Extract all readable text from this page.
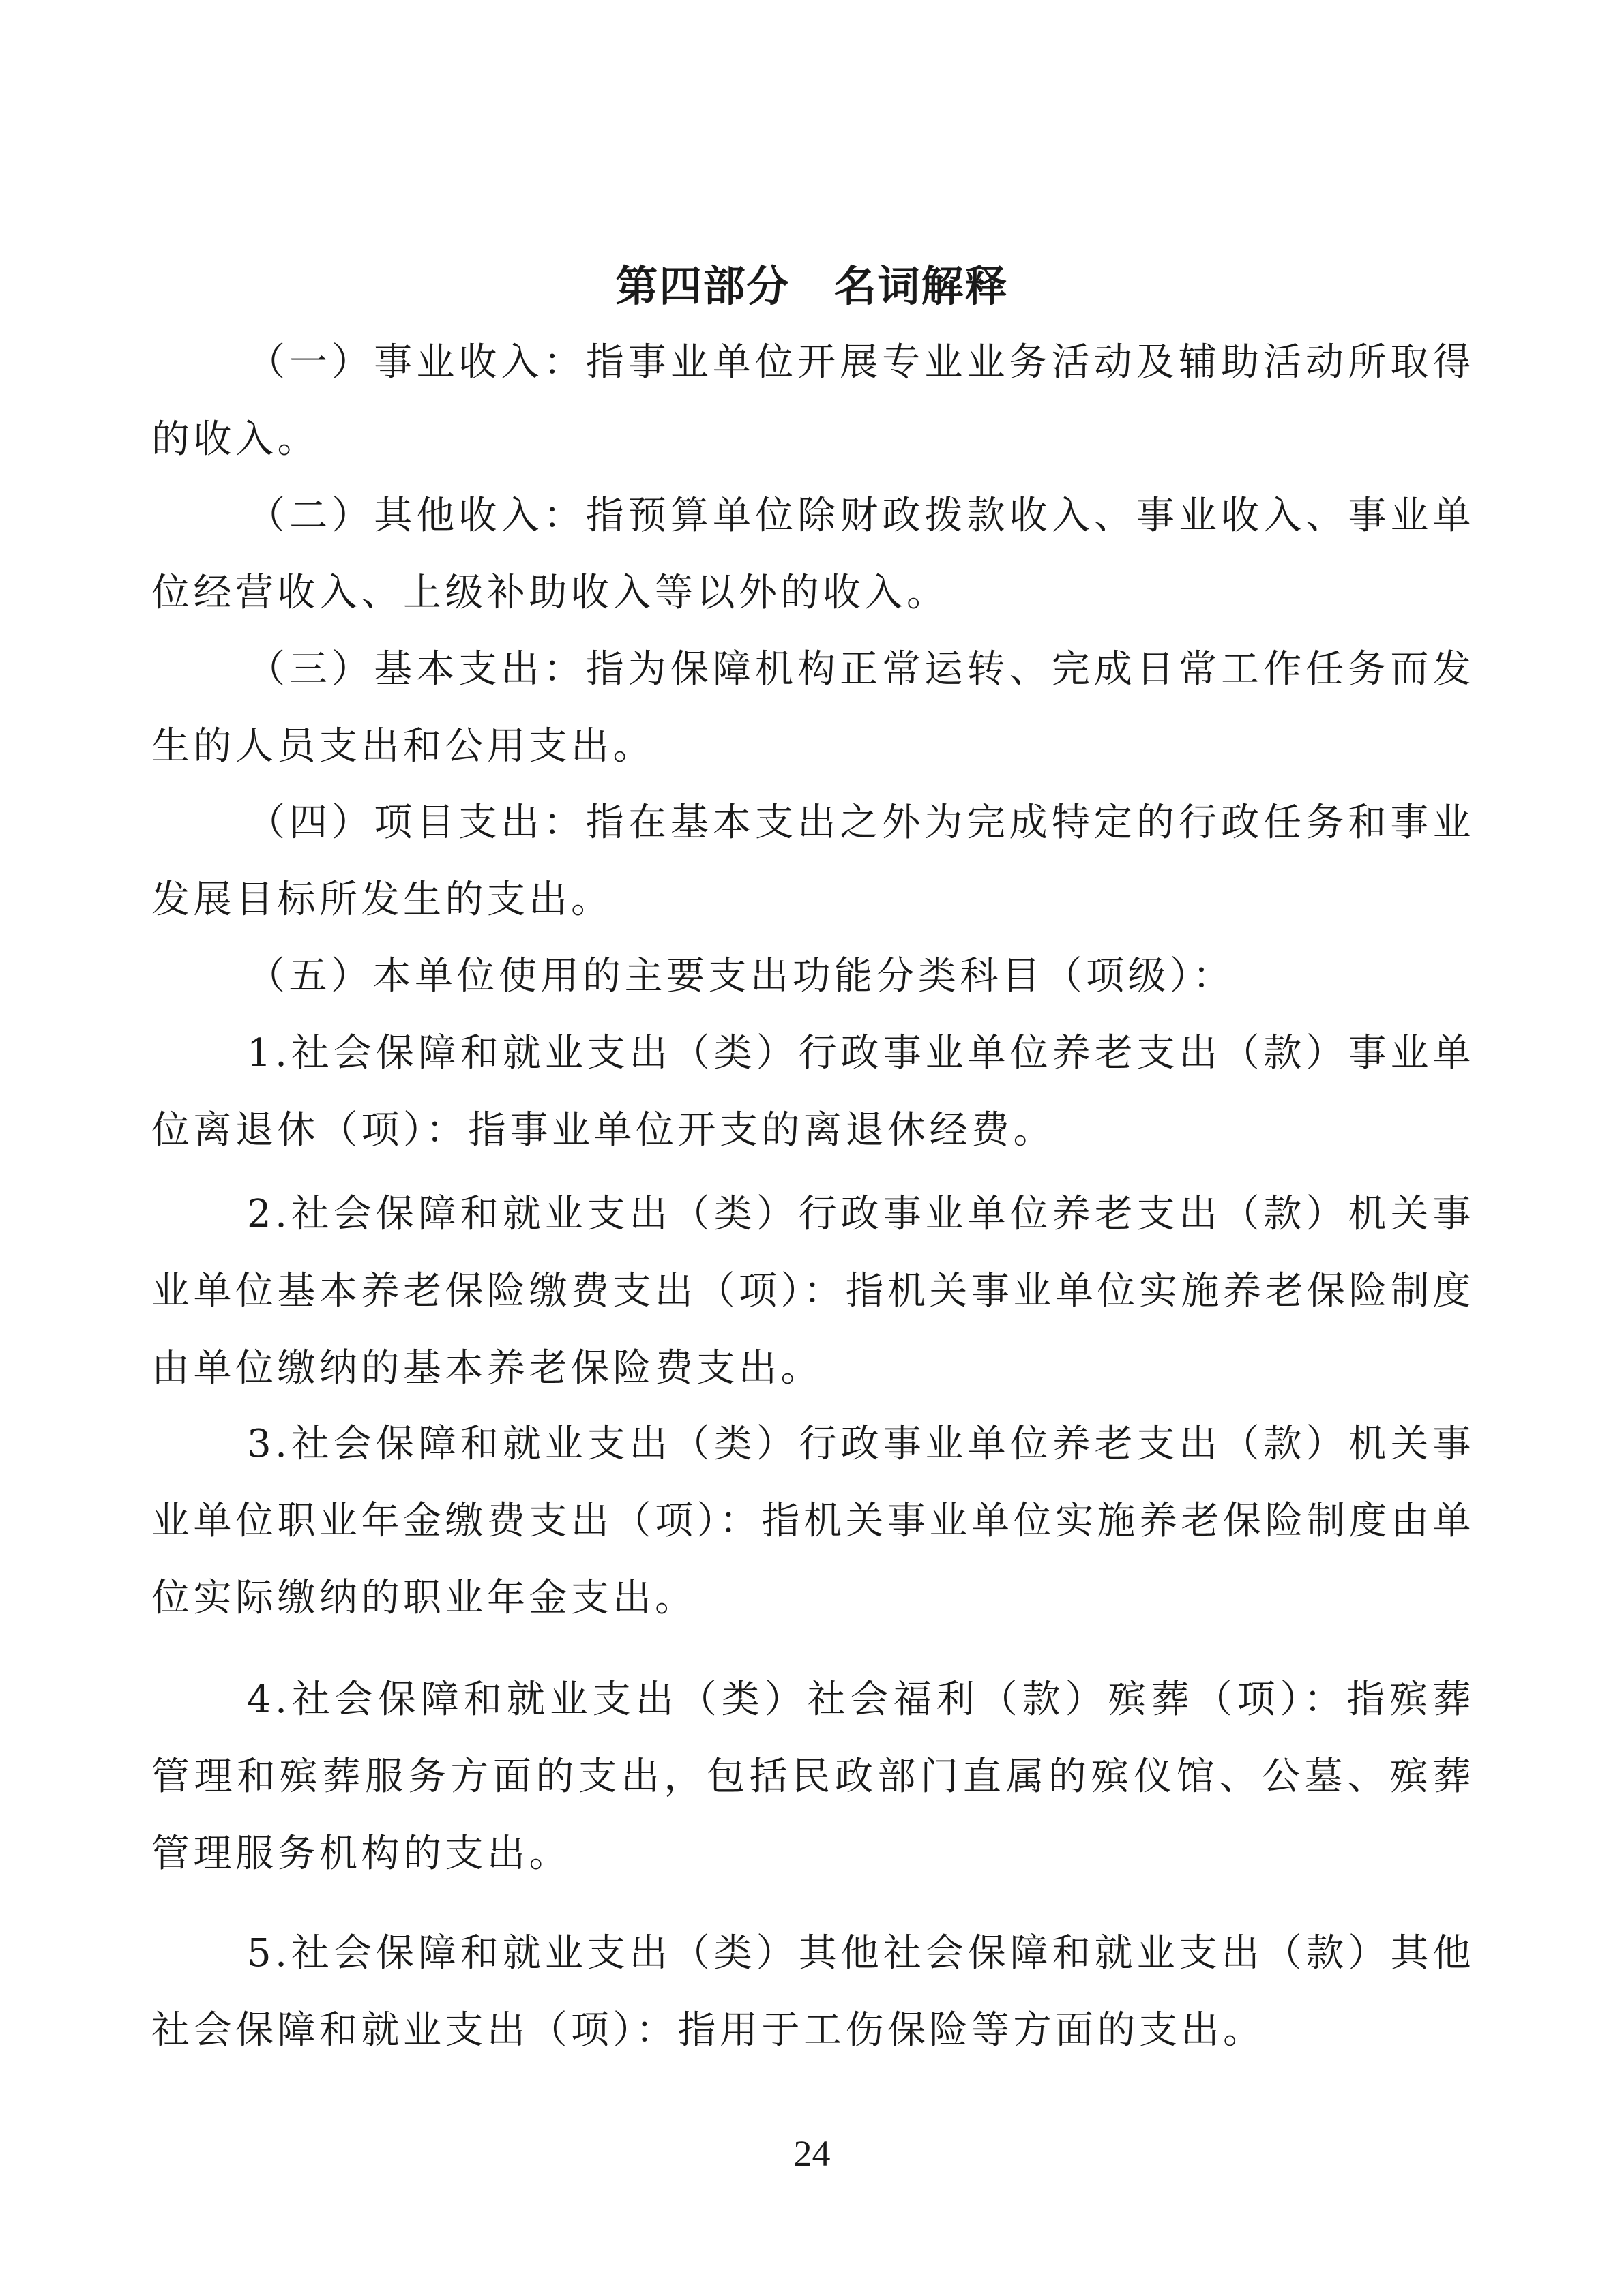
第四部分　名词解释

（一）事业收入：指事业单位开展专业业务活动及辅助活动所取得的收入。

（二）其他收入：指预算单位除财政拨款收入、事业收入、事业单位经营收入、上级补助收入等以外的收入。

（三）基本支出：指为保障机构正常运转、完成日常工作任务而发生的人员支出和公用支出。

（四）项目支出：指在基本支出之外为完成特定的行政任务和事业发展目标所发生的支出。

（五）本单位使用的主要支出功能分类科目（项级）：

1.社会保障和就业支出（类）行政事业单位养老支出（款）事业单位离退休（项）：指事业单位开支的离退休经费。

2.社会保障和就业支出（类）行政事业单位养老支出（款）机关事业单位基本养老保险缴费支出（项）：指机关事业单位实施养老保险制度由单位缴纳的基本养老保险费支出。

3.社会保障和就业支出（类）行政事业单位养老支出（款）机关事业单位职业年金缴费支出（项）：指机关事业单位实施养老保险制度由单位实际缴纳的职业年金支出。

4.社会保障和就业支出（类）社会福利（款）殡葬（项）：指殡葬管理和殡葬服务方面的支出，包括民政部门直属的殡仪馆、公墓、殡葬管理服务机构的支出。

5.社会保障和就业支出（类）其他社会保障和就业支出（款）其他社会保障和就业支出（项）：指用于工伤保险等方面的支出。

24
